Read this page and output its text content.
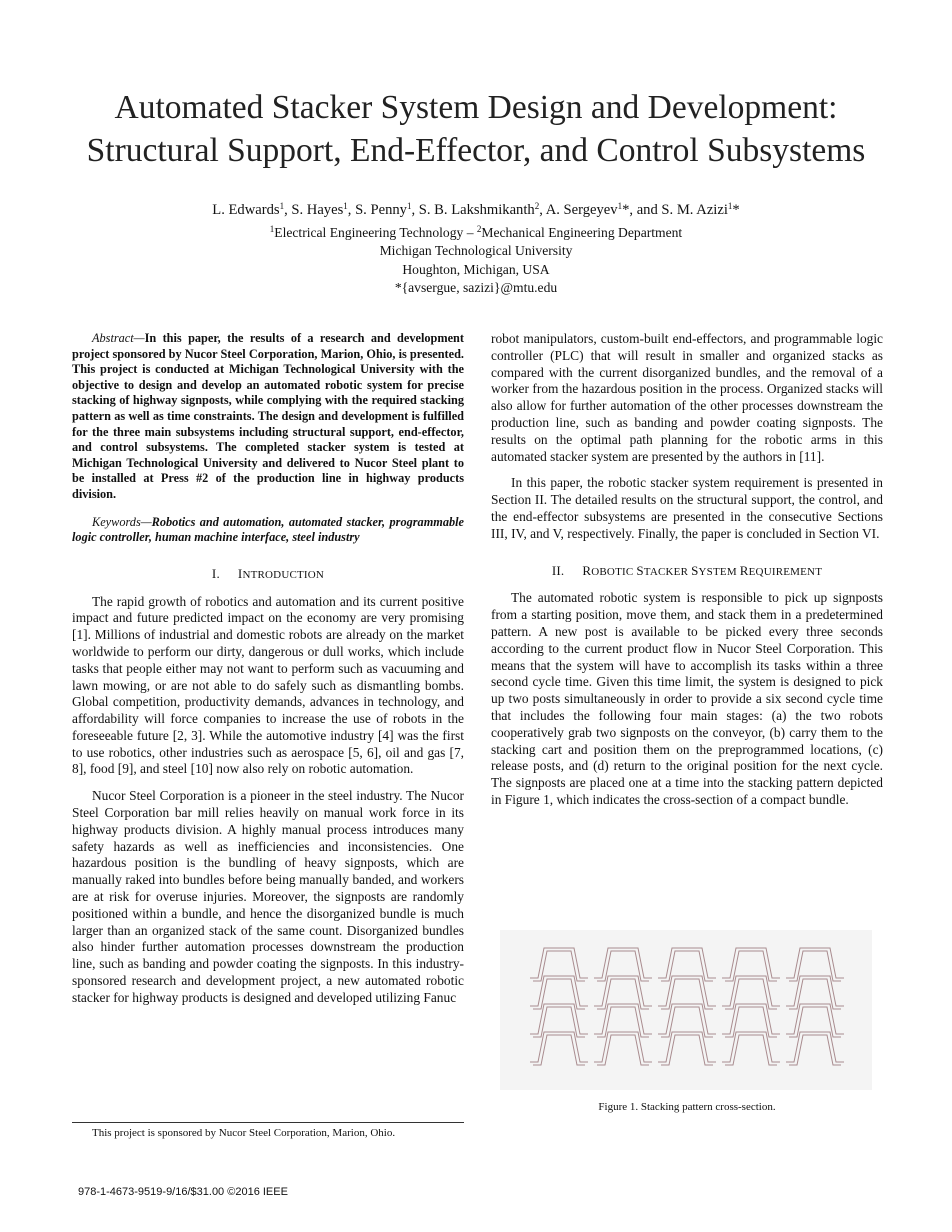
Automated Stacker System Design and Development:
Structural Support, End-Effector, and Control Subsystems
L. Edwards$^1$, S. Hayes$^1$, S. Penny$^1$, S. B. Lakshmikanth$^2$, A. Sergeyev$^1$*, and S. M. Azizi$^1$*
$^1$Electrical Engineering Technology – $^2$Mechanical Engineering Department
Michigan Technological University
Houghton, Michigan, USA
*{avsergue, sazizi}@mtu.edu

Abstract—In this paper, the results of a research and development project sponsored by Nucor Steel Corporation, Marion, Ohio, is presented. This project is conducted at Michigan Technological University with the objective to design and develop an automated robotic system for precise stacking of highway signposts, while complying with the required stacking pattern as well as time constraints. The design and development is fulfilled for the three main subsystems including structural support, end-effector, and control subsystems. The completed stacker system is tested at Michigan Technological University and delivered to Nucor Steel plant to be installed at Press #2 of the production line in highway products division.

Keywords—Robotics and automation, automated stacker, programmable logic controller, human machine interface, steel industry

I. INTRODUCTION

The rapid growth of robotics and automation and its current positive impact and future predicted impact on the economy are very promising [1]. Millions of industrial and domestic robots are already on the market worldwide to perform our dirty, dangerous or dull works, which include tasks that people either may not want to perform such as vacuuming and lawn mowing, or are not able to do safely such as dismantling bombs. Global competition, productivity demands, advances in technology, and affordability will force companies to increase the use of robots in the foreseeable future [2, 3]. While the automotive industry [4] was the first to use robotics, other industries such as aerospace [5, 6], oil and gas [7, 8], food [9], and steel [10] now also rely on robotic automation.

Nucor Steel Corporation is a pioneer in the steel industry. The Nucor Steel Corporation bar mill relies heavily on manual work force in its highway products division. A highly manual process introduces many safety hazards as well as inefficiencies and inconsistencies. One hazardous position is the bundling of heavy signposts, which are manually raked into bundles before being manually banded, and workers are at risk for overuse injuries. Moreover, the signposts are randomly positioned within a bundle, and hence the disorganized bundle is much larger than an organized stack of the same count. Disorganized bundles also hinder further automation processes downstream the production line, such as banding and powder coating the signposts. In this industry-sponsored research and development project, a new automated robotic stacker for highway products is designed and developed utilizing Fanuc

This project is sponsored by Nucor Steel Corporation, Marion, Ohio.
978-1-4673-9519-9/16/$31.00 ©2016 IEEE

robot manipulators, custom-built end-effectors, and programmable logic controller (PLC) that will result in smaller and organized stacks as compared with the current disorganized bundles, and the removal of a worker from the hazardous position in the process. Organized stacks will also allow for further automation of the other processes downstream the production line, such as banding and powder coating signposts. The results on the optimal path planning for the robotic arms in this automated stacker system are presented by the authors in [11].

In this paper, the robotic stacker system requirement is presented in Section II. The detailed results on the structural support, the control, and the end-effector subsystems are presented in the consecutive Sections III, IV, and V, respectively. Finally, the paper is concluded in Section VI.

II. ROBOTIC STACKER SYSTEM REQUIREMENT

The automated robotic system is responsible to pick up signposts from a starting position, move them, and stack them in a predetermined pattern. A new post is available to be picked every three seconds according to the current product flow in Nucor Steel Corporation. This means that the system will have to accomplish its tasks within a three second cycle time. Given this time limit, the system is designed to pick up two posts simultaneously in order to provide a six second cycle time that includes the following four main stages: (a) the two robots cooperatively grab two signposts on the conveyor, (b) carry them to the stacking cart and position them on the preprogrammed locations, (c) release posts, and (d) return to the original position for the next cycle. The signposts are placed one at a time into the stacking pattern depicted in Figure 1, which indicates the cross-section of a compact bundle.

Figure 1. Stacking pattern cross-section.
